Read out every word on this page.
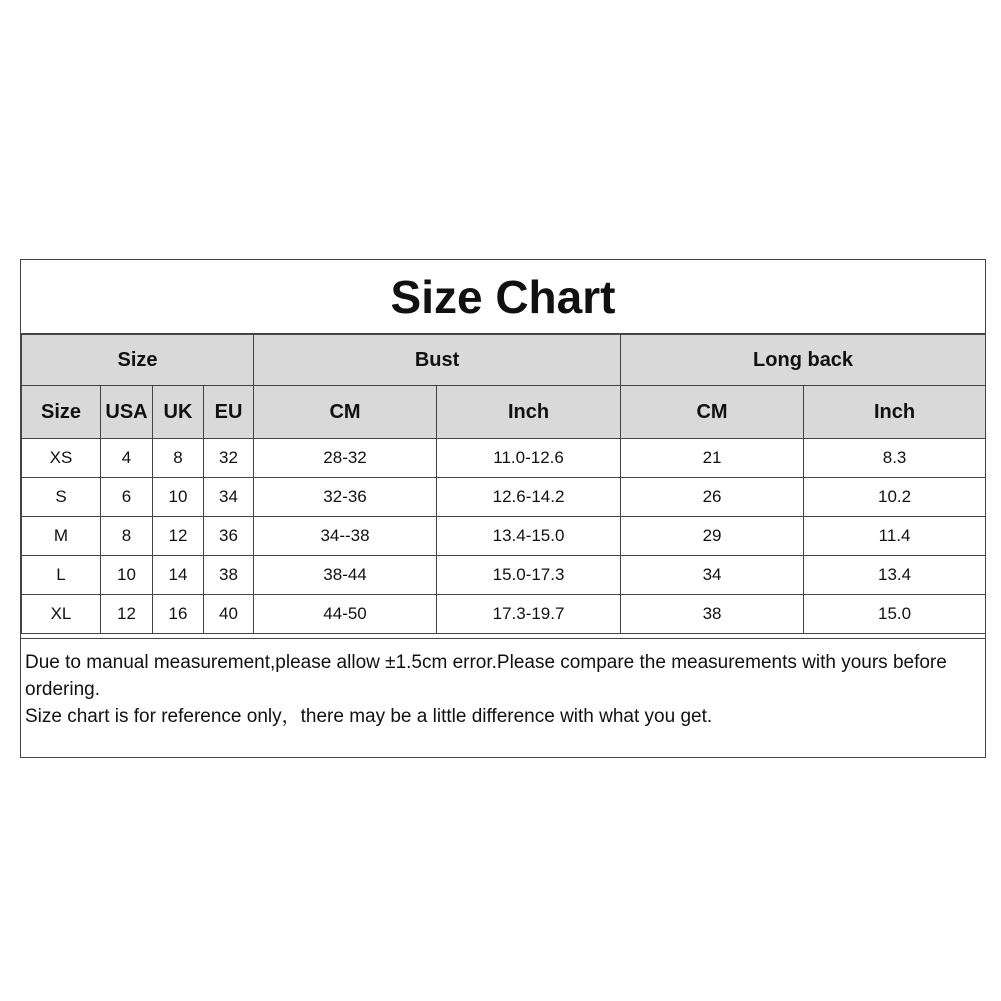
Size Chart
Size				Bust		Long back	
Size	USA	UK	EU	CM	Inch	CM	Inch
XS	4	8	32	28-32	11.0-12.6	21	8.3
S	6	10	34	32-36	12.6-14.2	26	10.2
M	8	12	36	34--38	13.4-15.0	29	11.4
L	10	14	38	38-44	15.0-17.3	34	13.4
XL	12	16	40	44-50	17.3-19.7	38	15.0
Due to manual measurement,please allow ±1.5cm error.Please compare the measurements with yours before ordering.
Size chart is for reference only，there may be a little difference with what you get.
